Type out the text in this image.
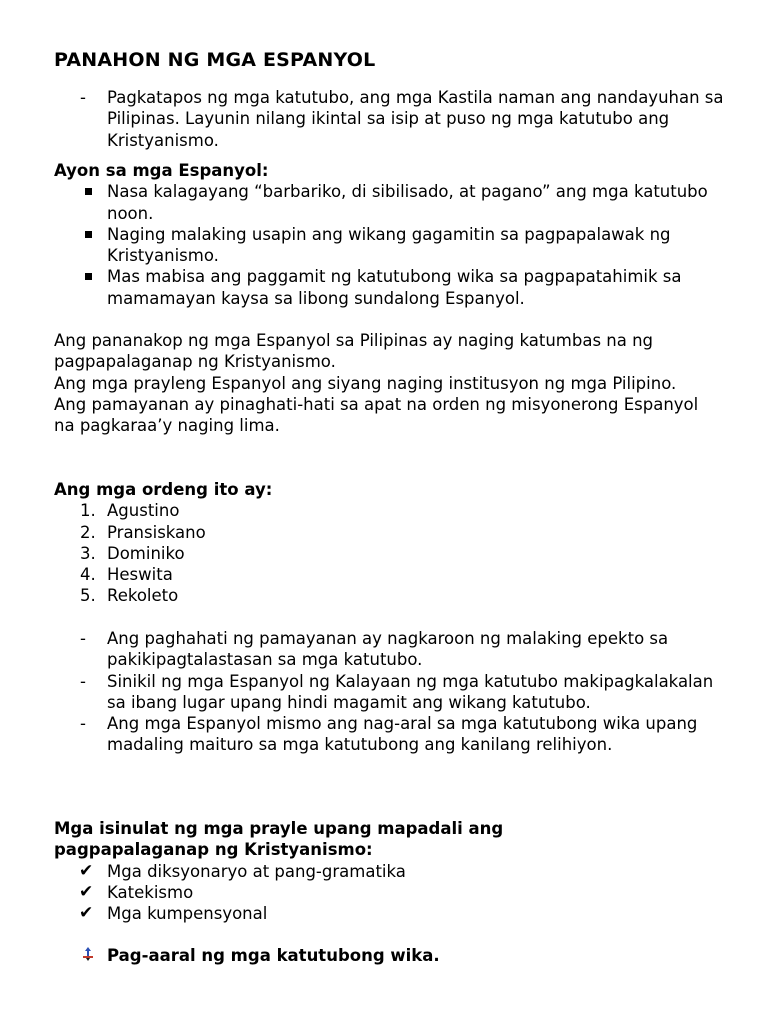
PANAHON NG MGA ESPANYOL
- Pagkatapos ng mga katutubo, ang mga Kastila naman ang nandayuhan sa Pilipinas. Layunin nilang ikintal sa isip at puso ng mga katutubo ang Kristyanismo.

Ayon sa mga Espanyol:

Nasa kalagayang “barbariko, di sibilisado, at pagano” ang mga katutubo noon.

Naging malaking usapin ang wikang gagamitin sa pagpapalawak ng Kristyanismo.

Mas mabisa ang paggamit ng katutubong wika sa pagpapatahimik sa mamamayan kaysa sa libong sundalong Espanyol.

Ang pananakop ng mga Espanyol sa Pilipinas ay naging katumbas na ng pagpapalaganap ng Kristyanismo.

Ang mga prayleng Espanyol ang siyang naging institusyon ng mga Pilipino.

Ang pamayanan ay pinaghati-hati sa apat na orden ng misyonerong Espanyol na pagkaraa’y naging lima.

Ang mga ordeng ito ay:

1. Agustino

2. Pransiskano

3. Dominiko

4. Heswita

5. Rekoleto

- Ang paghahati ng pamayanan ay nagkaroon ng malaking epekto sa pakikipagtalastasan sa mga katutubo.

- Sinikil ng mga Espanyol ng Kalayaan ng mga katutubo makipagkalakalan sa ibang lugar upang hindi magamit ang wikang katutubo.

- Ang mga Espanyol mismo ang nag-aral sa mga katutubong wika upang madaling maituro sa mga katutubong ang kanilang relihiyon.

Mga isinulat ng mga prayle upang mapadali ang pagpapalaganap ng Kristyanismo:

✔ Mga diksyonaryo at pang-gramatika

✔ Katekismo

✔ Mga kumpensyonal

Pag-aaral ng mga katutubong wika.
